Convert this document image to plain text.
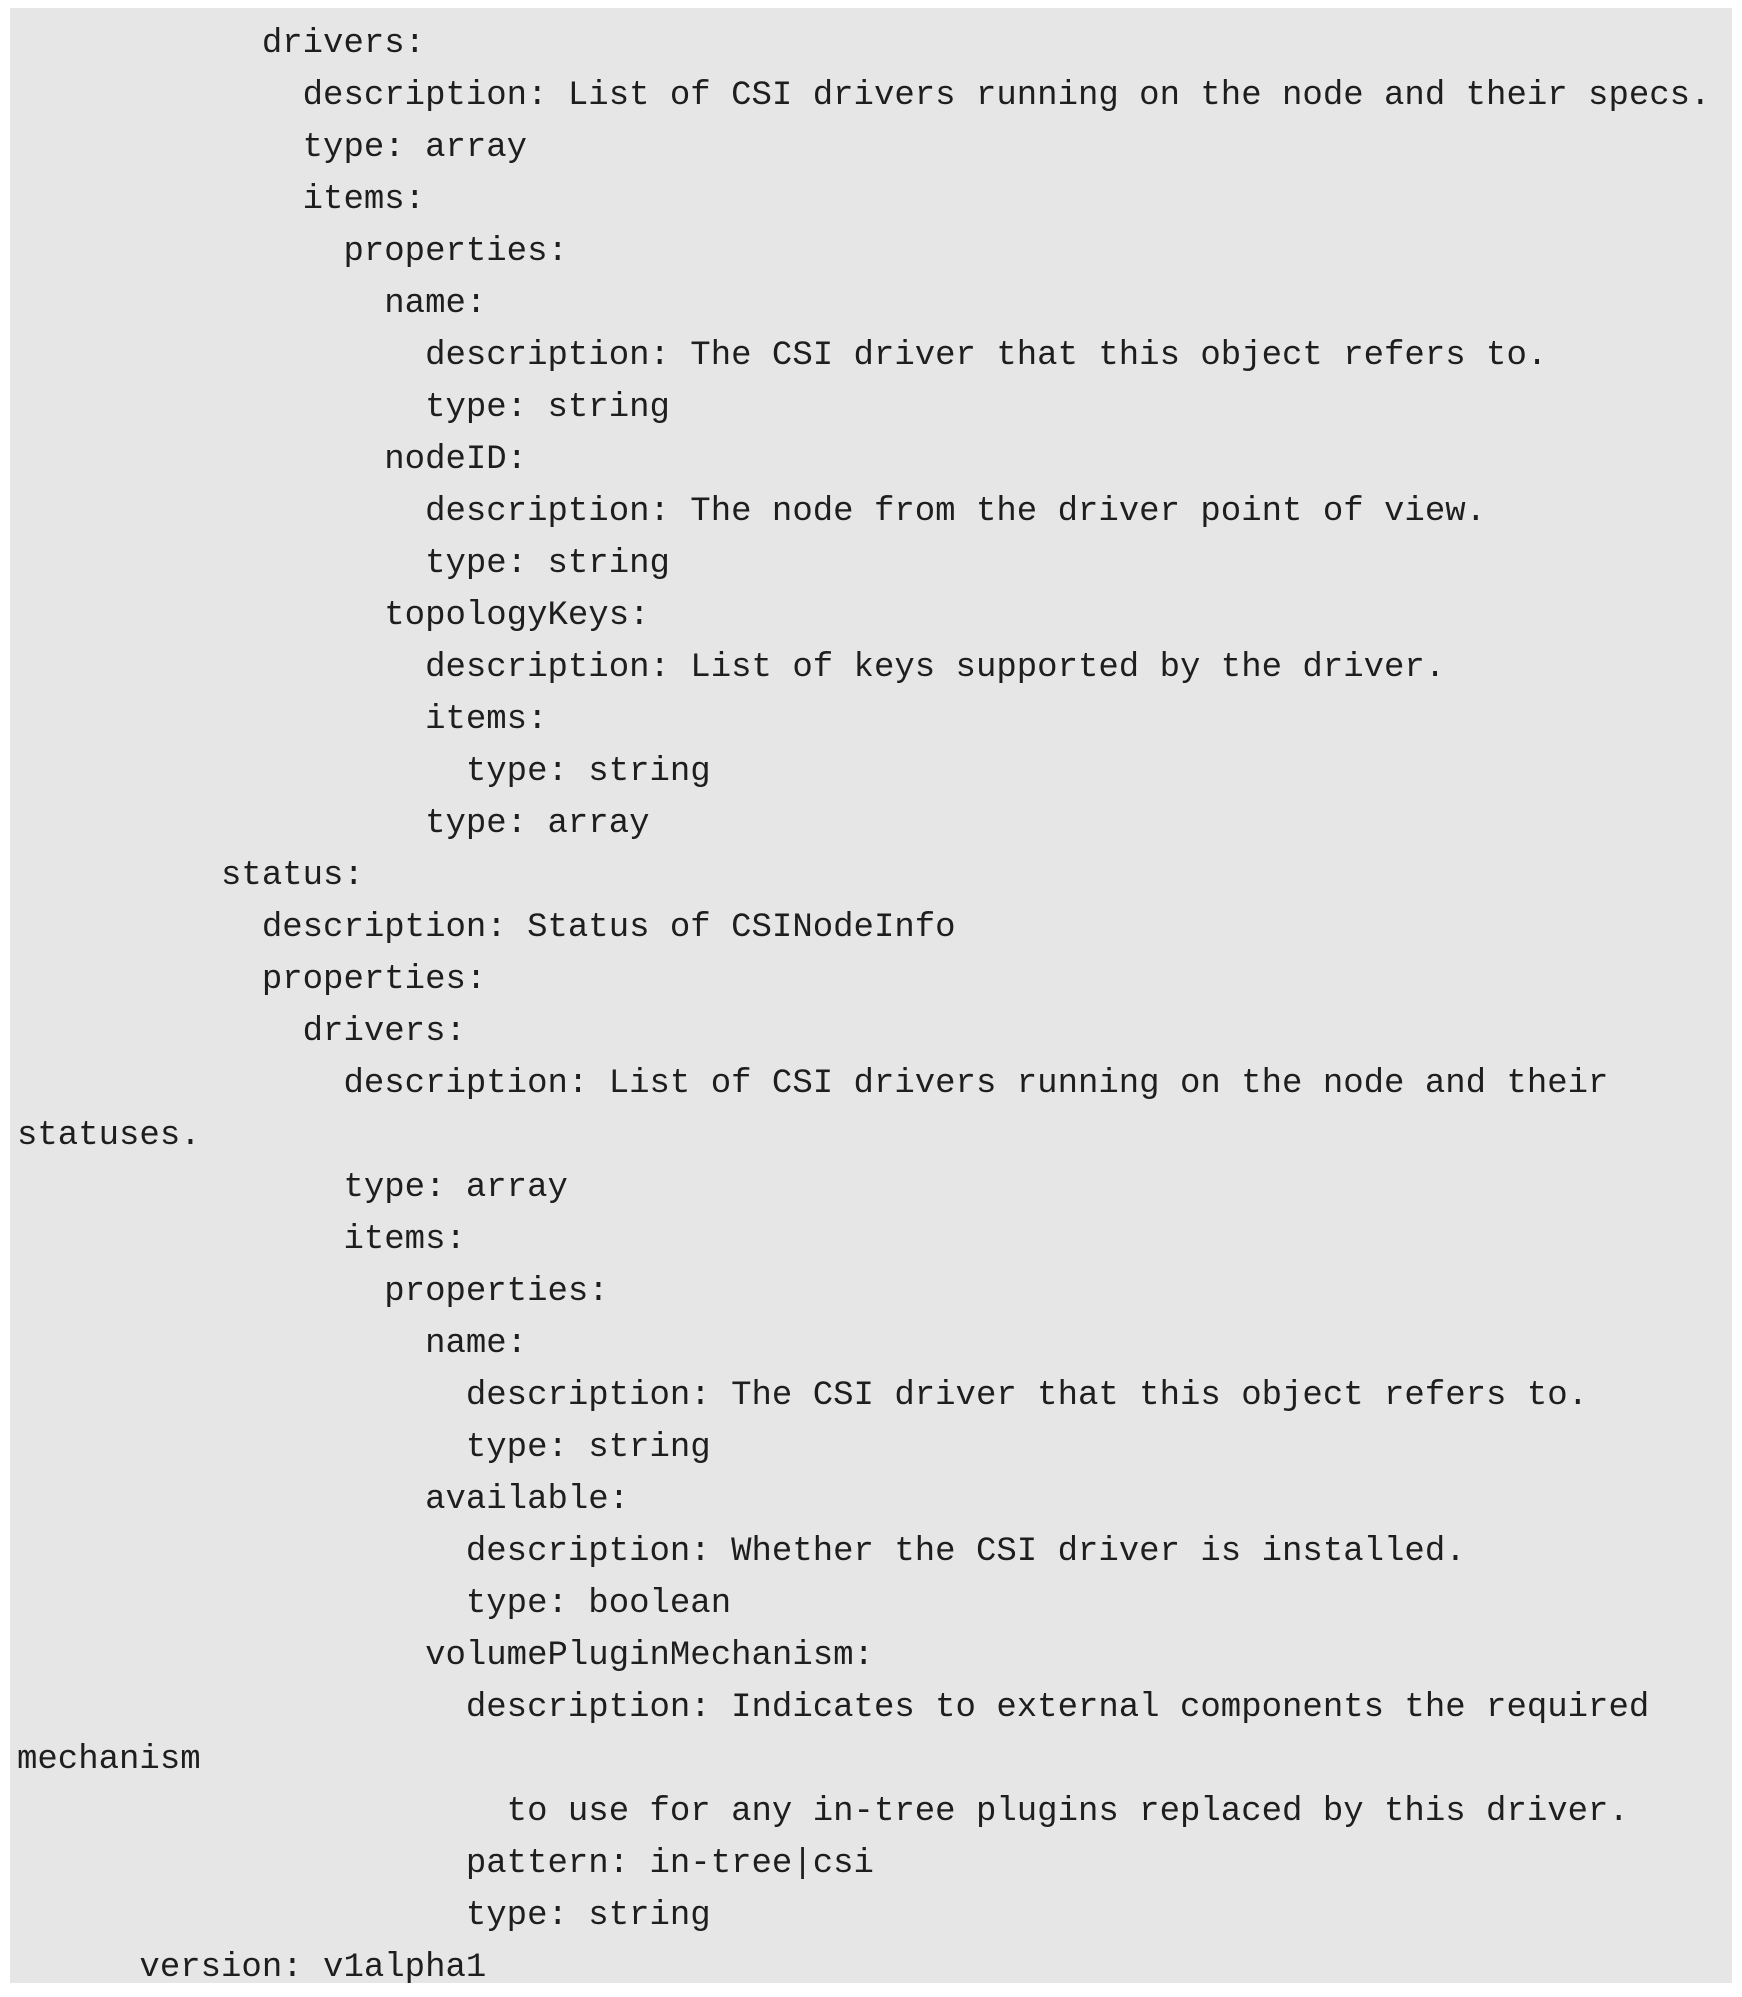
drivers:
description: List of CSI drivers running on the node and their specs.
type: array
items:
properties:
name:
description: The CSI driver that this object refers to.
type: string
nodeID:
description: The node from the driver point of view.
type: string
topologyKeys:
description: List of keys supported by the driver.
items:
type: string
type: array
status:
description: Status of CSINodeInfo
properties:
drivers:
description: List of CSI drivers running on the node and their
statuses.
type: array
items:
properties:
name:
description: The CSI driver that this object refers to.
type: string
available:
description: Whether the CSI driver is installed.
type: boolean
volumePluginMechanism:
description: Indicates to external components the required
mechanism
to use for any in-tree plugins replaced by this driver.
pattern: in-tree|csi
type: string
version: v1alpha1
